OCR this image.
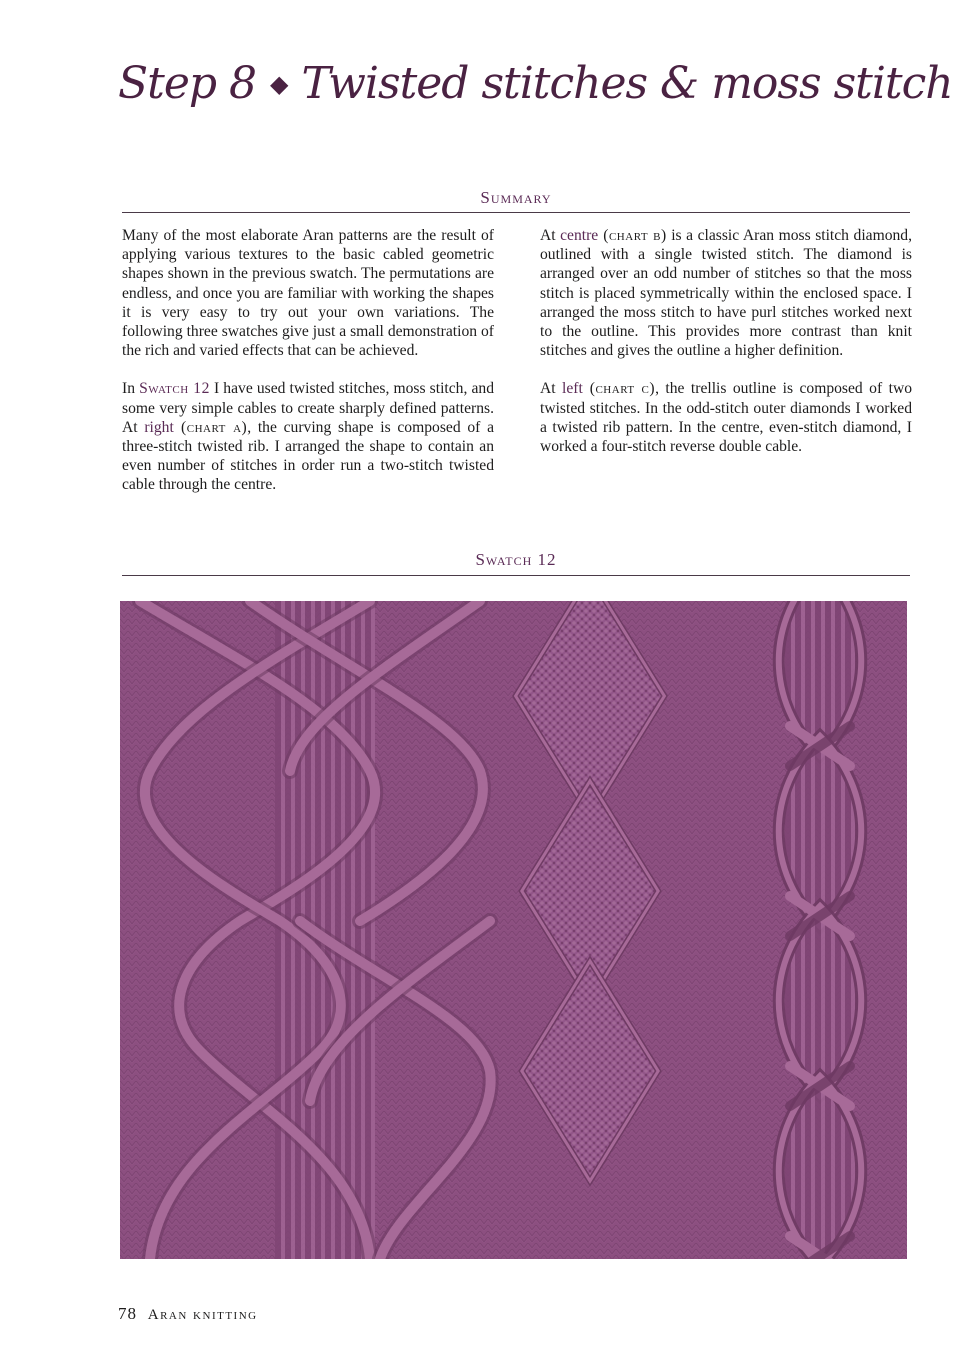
Step 8 ◆ Twisted stitches & moss stitch
Summary

Many of the most elaborate Aran patterns are the result of applying various textures to the basic cabled geometric shapes shown in the previous swatch. The permutations are endless, and once you are familiar with working the shapes it is very easy to try out your own variations. The following three swatches give just a small demonstration of the rich and varied effects that can be achieved.

In Swatch 12 I have used twisted stitches, moss stitch, and some very simple cables to create sharply defined patterns. At right (chart a), the curving shape is composed of a three-stitch twisted rib. I arranged the shape to contain an even number of stitches in order run a two-stitch twisted cable through the centre.

At centre (chart b) is a classic Aran moss stitch diamond, outlined with a single twisted stitch. The diamond is arranged over an odd number of stitches so that the moss stitch is placed symmetrically within the enclosed space. I arranged the moss stitch to have purl stitches worked next to the outline. This provides more contrast than knit stitches and gives the outline a higher definition.

At left (chart c), the trellis outline is composed of two twisted stitches. In the odd-stitch outer diamonds I worked a twisted rib pattern. In the centre, even-stitch diamond, I worked a four-stitch reverse double cable.

Swatch 12
78 Aran knitting
